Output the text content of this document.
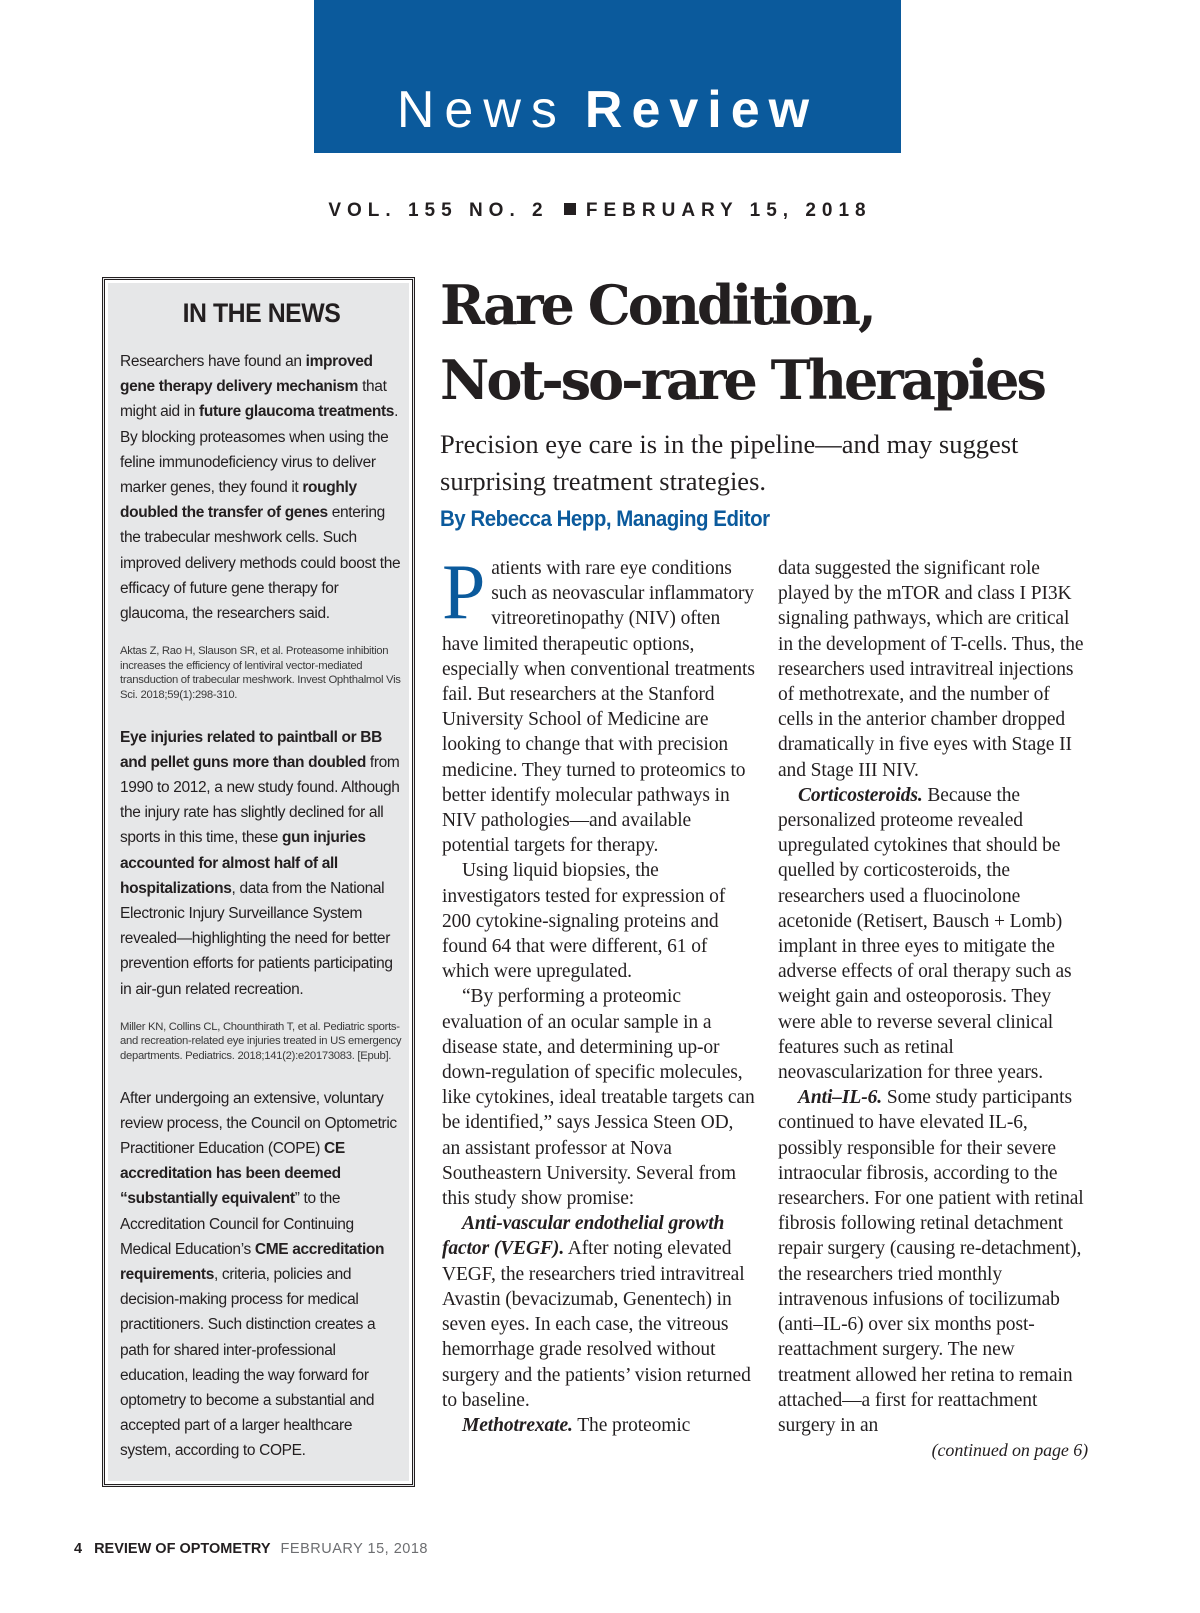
News Review
VOL. 155 NO. 2 FEBRUARY 15, 2018
IN THE NEWS

Researchers have found an improved gene therapy delivery mechanism that might aid in future glaucoma treatments. By blocking proteasomes when using the feline immunodeficiency virus to deliver marker genes, they found it roughly doubled the transfer of genes entering the trabecular meshwork cells. Such improved delivery methods could boost the efficacy of future gene therapy for glaucoma, the researchers said.

Aktas Z, Rao H, Slauson SR, et al. Proteasome inhibition increases the efficiency of lentiviral vector-mediated transduction of trabecular meshwork. Invest Ophthalmol Vis Sci. 2018;59(1):298-310.

Eye injuries related to paintball or BB and pellet guns more than doubled from 1990 to 2012, a new study found. Although the injury rate has slightly declined for all sports in this time, these gun injuries accounted for almost half of all hospitalizations, data from the National Electronic Injury Surveillance System revealed—highlighting the need for better prevention efforts for patients participating in air-gun related recreation.

Miller KN, Collins CL, Chounthirath T, et al. Pediatric sports- and recreation-related eye injuries treated in US emergency departments. Pediatrics. 2018;141(2):e20173083. [Epub].

After undergoing an extensive, voluntary review process, the Council on Optometric Practitioner Education (COPE) CE accreditation has been deemed “substantially equivalent” to the Accreditation Council for Continuing Medical Education’s CME accreditation requirements, criteria, policies and decision-making process for medical practitioners. Such distinction creates a path for shared inter-professional education, leading the way forward for optometry to become a substantial and accepted part of a larger healthcare system, according to COPE.

Rare Condition,
Not-so-rare Therapies

Precision eye care is in the pipeline—and may suggest surprising treatment strategies.

By Rebecca Hepp, Managing Editor

Patients with rare eye conditions such as neovascular inflammatory vitreoretinopathy (NIV) often have limited therapeutic options, especially when conventional treatments fail. But researchers at the Stanford University School of Medicine are looking to change that with precision medicine. They turned to proteomics to better identify molecular pathways in NIV pathologies—and available potential targets for therapy.

Using liquid biopsies, the investigators tested for expression of 200 cytokine-signaling proteins and found 64 that were different, 61 of which were upregulated.

“By performing a proteomic evaluation of an ocular sample in a disease state, and determining up-or down-regulation of specific molecules, like cytokines, ideal treatable targets can be identified,” says Jessica Steen OD, an assistant professor at Nova Southeastern University. Several from this study show promise:

Anti-vascular endothelial growth factor (VEGF). After noting elevated VEGF, the researchers tried intravitreal Avastin (bevacizumab, Genentech) in seven eyes. In each case, the vitreous hemorrhage grade resolved without surgery and the patients’ vision returned to baseline.

Methotrexate. The proteomic

data suggested the significant role played by the mTOR and class I PI3K signaling pathways, which are critical in the development of T-cells. Thus, the researchers used intravitreal injections of methotrexate, and the number of cells in the anterior chamber dropped dramatically in five eyes with Stage II and Stage III NIV.

Corticosteroids. Because the personalized proteome revealed upregulated cytokines that should be quelled by corticosteroids, the researchers used a fluocinolone acetonide (Retisert, Bausch + Lomb) implant in three eyes to mitigate the adverse effects of oral therapy such as weight gain and osteoporosis. They were able to reverse several clinical features such as retinal neovascularization for three years.

Anti–IL-6. Some study participants continued to have elevated IL-6, possibly responsible for their severe intraocular fibrosis, according to the researchers. For one patient with retinal fibrosis following retinal detachment repair surgery (causing re-detachment), the researchers tried monthly intravenous infusions of tocilizumab (anti–IL-6) over six months post-reattachment surgery. The new treatment allowed her retina to remain attached—a first for reattachment surgery in an

(continued on page 6)

4 REVIEW OF OPTOMETRY FEBRUARY 15, 2018
